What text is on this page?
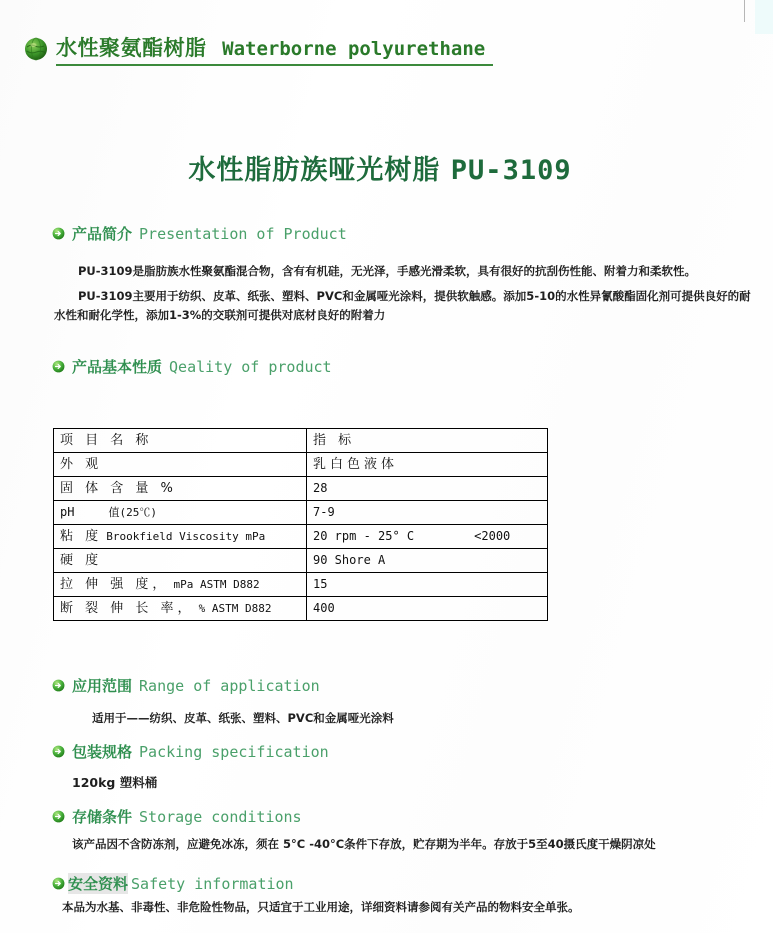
水性聚氨酯树脂 Waterborne polyurethane
水性脂肪族哑光树脂 PU-3109
产品简介 Presentation of Product
PU-3109是脂肪族水性聚氨酯混合物，含有有机硅，无光泽，手感光滑柔软，具有很好的抗刮伤性能、附着力和柔软性。
PU-3109主要用于纺织、皮革、纸张、塑料、PVC和金属哑光涂料，提供软触感。添加5-10的水性异氰酸酯固化剂可提供良好的耐水性和耐化学性，添加1-3%的交联剂可提供对底材良好的附着力
产品基本性质 Qeality of product
项 目 名 称	指 标
外 观	乳白色液体
固 体 含 量 %	28
pH 值(25℃)	7-9
粘 度 Brookfield Viscosity mPa	20 rpm - 25° C <2000
硬 度	90 Shore A
拉 伸 强 度， mPa ASTM D882	15
断 裂 伸 长 率， % ASTM D882	400
应用范围 Range of application
适用于——纺织、皮革、纸张、塑料、PVC和金属哑光涂料
包装规格 Packing specification
120kg 塑料桶
存储条件 Storage conditions
该产品因不含防冻剂，应避免冰冻，须在 5°C -40°C条件下存放，贮存期为半年。存放于5至40摄氏度干燥阴凉处
安全资料 Safety information
本品为水基、非毒性、非危险性物品，只适宜于工业用途，详细资料请参阅有关产品的物料安全单张。
